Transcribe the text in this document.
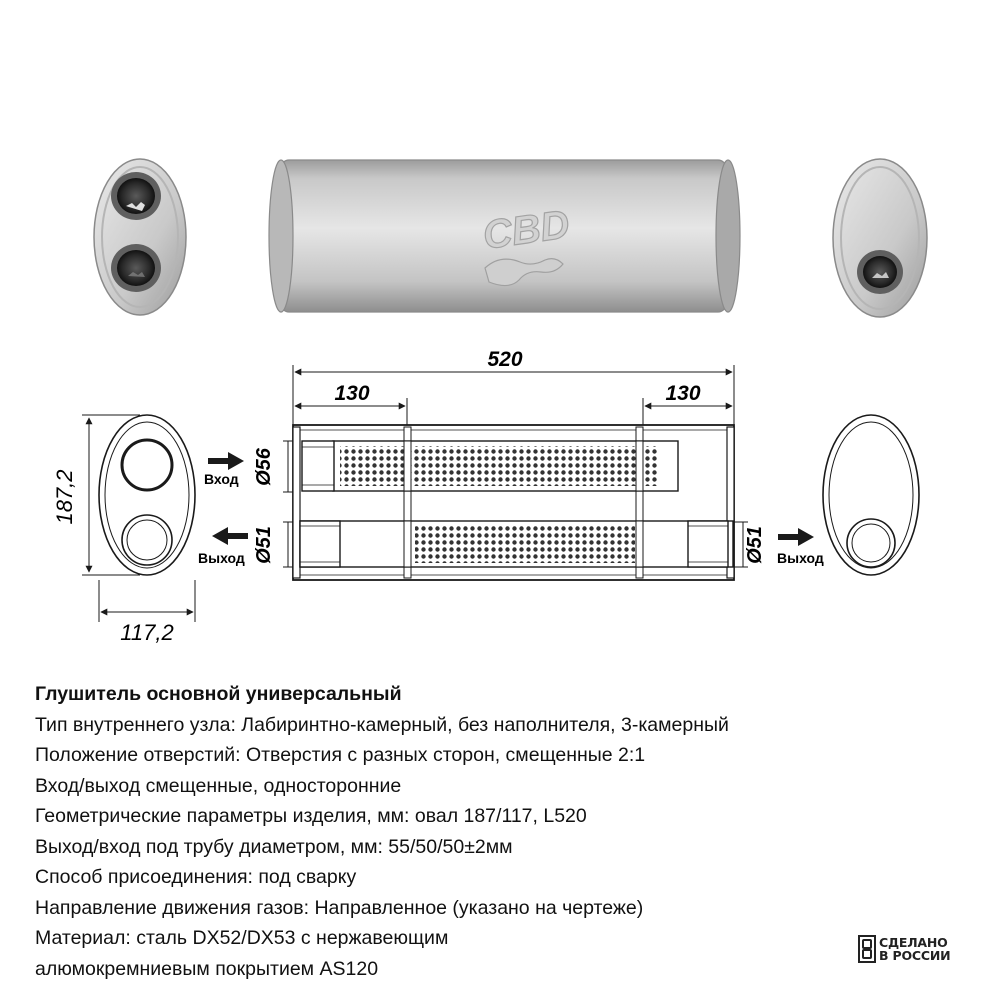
CBD
187,2
117,2
Вход
Выход
Ø56
Ø51	Ø51
520
130	130
Выход
Глушитель основной универсальный
Тип внутреннего узла: Лабиринтно-камерный, без наполнителя, 3-камерный
Положение отверстий: Отверстия с разных сторон, смещенные 2:1
Вход/выход смещенные, односторонние
Геометрические параметры изделия, мм: овал 187/117, L520
Выход/вход под трубу диаметром, мм: 55/50/50±2мм
Способ присоединения: под сварку
Направление движения газов: Направленное (указано на чертеже)
Материал: сталь DX52/DX53 с нержавеющим
алюмокремниевым покрытием AS120
СДЕЛАНО
В РОССИИ
